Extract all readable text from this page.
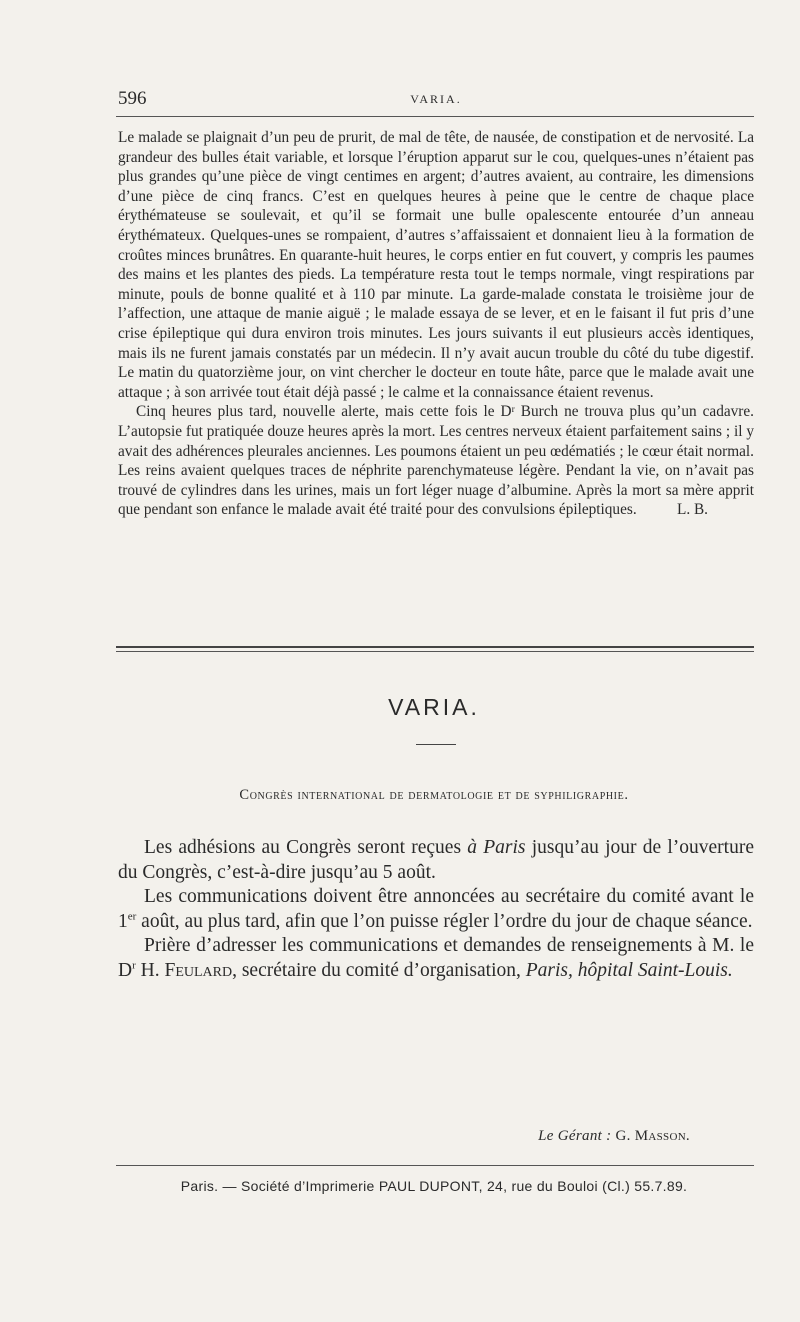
596	VARIA.

Le malade se plaignait d’un peu de prurit, de mal de tête, de nausée, de constipation et de nervosité. La grandeur des bulles était variable, et lorsque l’éruption apparut sur le cou, quelques-unes n’étaient pas plus grandes qu’une pièce de vingt centimes en argent; d’autres avaient, au contraire, les dimensions d’une pièce de cinq francs. C’est en quelques heures à peine que le centre de chaque place érythémateuse se soulevait, et qu’il se formait une bulle opalescente entourée d’un anneau érythémateux. Quelques-unes se rompaient, d’autres s’affaissaient et donnaient lieu à la formation de croûtes minces brunâtres. En quarante-huit heures, le corps entier en fut couvert, y compris les paumes des mains et les plantes des pieds. La température resta tout le temps normale, vingt respirations par minute, pouls de bonne qualité et à 110 par minute. La garde-malade constata le troisième jour de l’affection, une attaque de manie aiguë ; le malade essaya de se lever, et en le faisant il fut pris d’une crise épileptique qui dura environ trois minutes. Les jours suivants il eut plusieurs accès identiques, mais ils ne furent jamais constatés par un médecin. Il n’y avait aucun trouble du côté du tube digestif. Le matin du quatorzième jour, on vint chercher le docteur en toute hâte, parce que le malade avait une attaque ; à son arrivée tout était déjà passé ; le calme et la connaissance étaient revenus.

Cinq heures plus tard, nouvelle alerte, mais cette fois le Dʳ Burch ne trouva plus qu’un cadavre. L’autopsie fut pratiquée douze heures après la mort. Les centres nerveux étaient parfaitement sains ; il y avait des adhérences pleurales anciennes. Les poumons étaient un peu œdématiés ; le cœur était normal. Les reins avaient quelques traces de néphrite parenchymateuse légère. Pendant la vie, on n’avait pas trouvé de cylindres dans les urines, mais un fort léger nuage d’albumine. Après la mort sa mère apprit que pendant son enfance le malade avait été traité pour des convulsions épileptiques.	L. B.

VARIA.
Congrès international de dermatologie et de syphiligraphie.

Les adhésions au Congrès seront reçues à Paris jusqu’au jour de l’ouverture du Congrès, c’est-à-dire jusqu’au 5 août.

Les communications doivent être annoncées au secrétaire du comité avant le 1er août, au plus tard, afin que l’on puisse régler l’ordre du jour de chaque séance.

Prière d’adresser les communications et demandes de renseignements à M. le $D^r$ H. Feulard, secrétaire du comité d’organisation, Paris, hôpital Saint-Louis.

Le Gérant : G. Masson.
Paris. — Société d’Imprimerie PAUL DUPONT, 24, rue du Bouloi (Cl.) 55.7.89.
